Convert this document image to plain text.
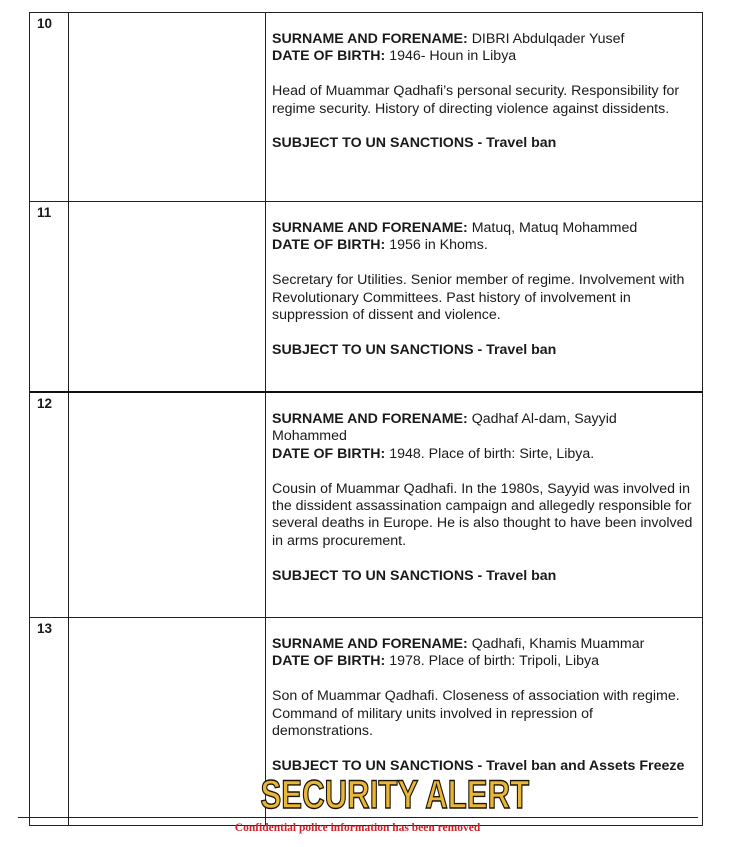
10		SURNAME AND FORENAME: DIBRI Abdulqader Yusef
DATE OF BIRTH: 1946- Houn in Libya
Head of Muammar Qadhafi’s personal security. Responsibility for regime security. History of directing violence against dissidents.
SUBJECT TO UN SANCTIONS - Travel ban

11		SURNAME AND FORENAME: Matuq, Matuq Mohammed
DATE OF BIRTH: 1956 in Khoms.
Secretary for Utilities. Senior member of regime. Involvement with Revolutionary Committees. Past history of involvement in suppression of dissent and violence.
SUBJECT TO UN SANCTIONS - Travel ban

12		SURNAME AND FORENAME: Qadhaf Al-dam, Sayyid Mohammed
DATE OF BIRTH: 1948. Place of birth: Sirte, Libya.
Cousin of Muammar Qadhafi. In the 1980s, Sayyid was involved in the dissident assassination campaign and allegedly responsible for several deaths in Europe. He is also thought to have been involved in arms procurement.
SUBJECT TO UN SANCTIONS - Travel ban

13		SURNAME AND FORENAME: Qadhafi, Khamis Muammar
DATE OF BIRTH: 1978. Place of birth: Tripoli, Libya
Son of Muammar Qadhafi. Closeness of association with regime. Command of military units involved in repression of demonstrations.
SUBJECT TO UN SANCTIONS - Travel ban and Assets Freeze
SECURITY ALERT
Confidential police information has been removed
